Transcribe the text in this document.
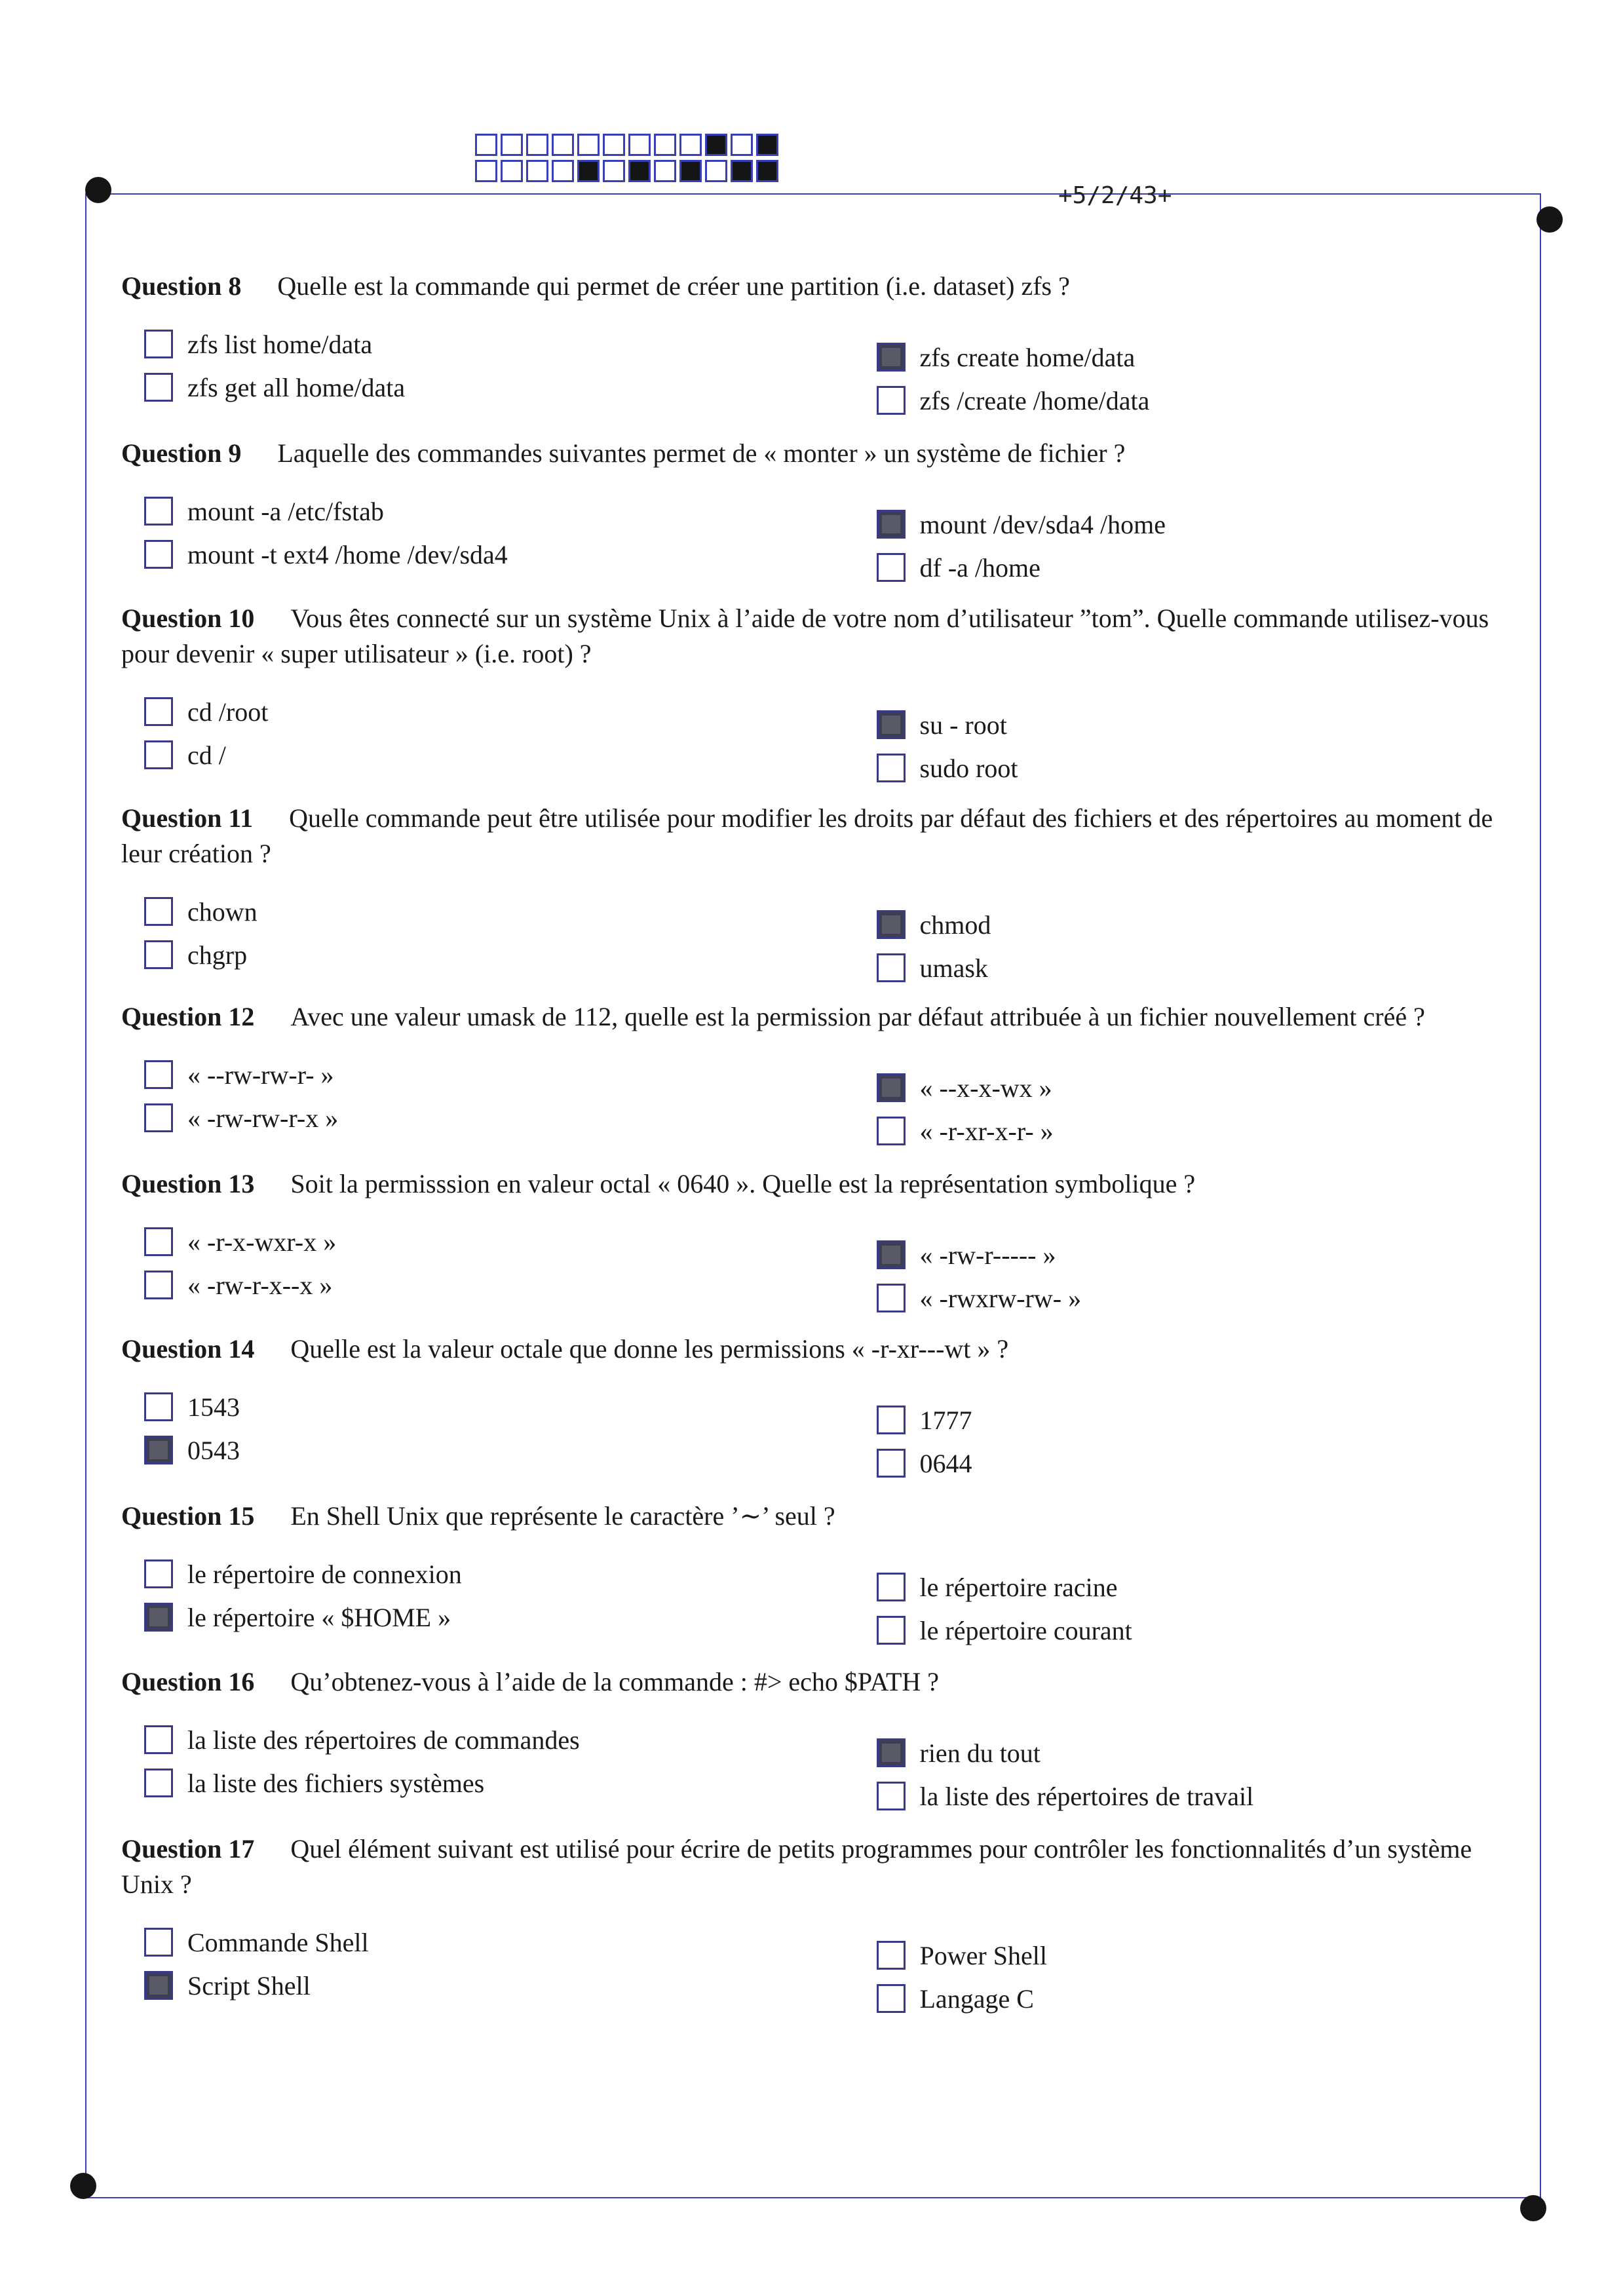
+5/2/43+
Question 8 Quelle est la commande qui permet de créer une partition (i.e. dataset) zfs ?
zfs list home/data
zfs get all home/data
zfs create home/data
zfs /create /home/data
Question 9 Laquelle des commandes suivantes permet de « monter » un système de fichier ?
mount -a /etc/fstab
mount -t ext4 /home /dev/sda4
mount /dev/sda4 /home
df -a /home
Question 10 Vous êtes connecté sur un système Unix à l’aide de votre nom d’utilisateur ”tom”. Quelle commande utilisez-vous pour devenir « super utilisateur » (i.e. root) ?
cd /root
cd /
su - root
sudo root
Question 11 Quelle commande peut être utilisée pour modifier les droits par défaut des fichiers et des répertoires au moment de leur création ?
chown
chgrp
chmod
umask
Question 12 Avec une valeur umask de 112, quelle est la permission par défaut attribuée à un fichier nouvellement créé ?
« --rw-rw-r- »
« -rw-rw-r-x »
« --x-x-wx »
« -r-xr-x-r- »
Question 13 Soit la permisssion en valeur octal « 0640 ». Quelle est la représentation symbolique ?
« -r-x-wxr-x »
« -rw-r-x--x »
« -rw-r----- »
« -rwxrw-rw- »
Question 14 Quelle est la valeur octale que donne les permissions « -r-xr---wt » ?
1543
0543
1777
0644
Question 15 En Shell Unix que représente le caractère ’∼’ seul ?
le répertoire de connexion
le répertoire « $HOME »
le répertoire racine
le répertoire courant
Question 16 Qu’obtenez-vous à l’aide de la commande : #> echo $PATH ?
la liste des répertoires de commandes
la liste des fichiers systèmes
rien du tout
la liste des répertoires de travail
Question 17 Quel élément suivant est utilisé pour écrire de petits programmes pour contrôler les fonctionnalités d’un système Unix ?
Commande Shell
Script Shell
Power Shell
Langage C
